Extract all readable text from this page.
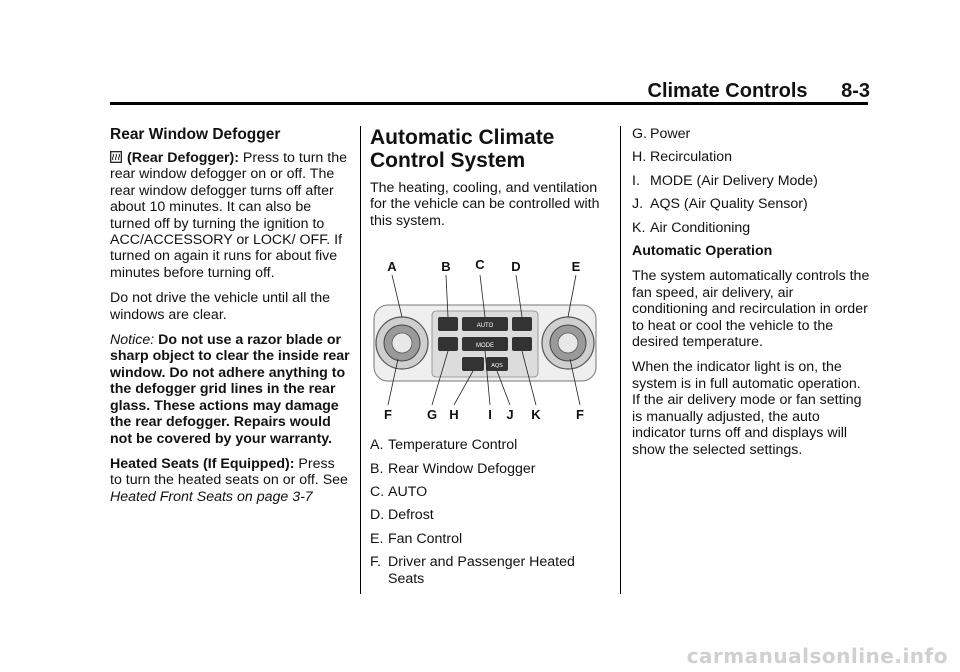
Climate Controls 8-3
Rear Window Defogger

(Rear Defogger): Press to turn the rear window defogger on or off. The rear window defogger turns off after about 10 minutes. It can also be turned off by turning the ignition to ACC/ACCESSORY or LOCK/ OFF. If turned on again it runs for about five minutes before turning off.

Do not drive the vehicle until all the windows are clear.

Notice: Do not use a razor blade or sharp object to clear the inside rear window. Do not adhere anything to the defogger grid lines in the rear glass. These actions may damage the rear defogger. Repairs would not be covered by your warranty.

Heated Seats (If Equipped): Press to turn the heated seats on or off. See Heated Front Seats on page 3-7

Automatic Climate Control System

The heating, cooling, and ventilation for the vehicle can be controlled with this system.

AUTO
MODE
AQS
A	B C D	E
F	G H I J K	F
A. Temperature Control
B. Rear Window Defogger
C. AUTO
D. Defrost
E. Fan Control
F. Driver and Passenger Heated Seats
G. Power
H. Recirculation
I. MODE (Air Delivery Mode)
J. AQS (Air Quality Sensor)
K. Air Conditioning
Automatic Operation

The system automatically controls the fan speed, air delivery, air conditioning and recirculation in order to heat or cool the vehicle to the desired temperature.

When the indicator light is on, the system is in full automatic operation. If the air delivery mode or fan setting is manually adjusted, the auto indicator turns off and displays will show the selected settings.

carmanualsonline.info
